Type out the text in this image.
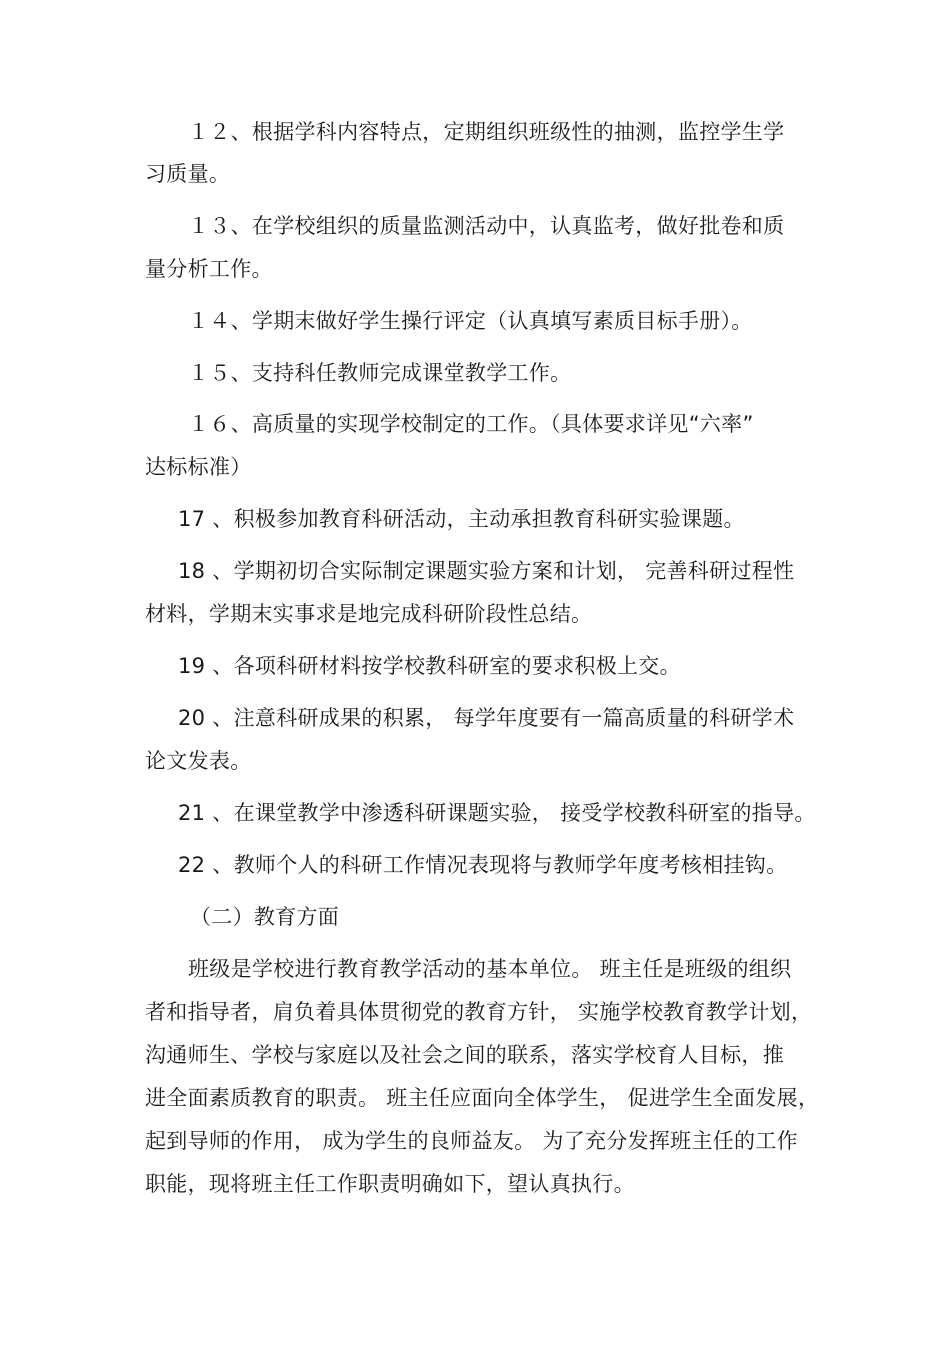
１２、根据学科内容特点，定期组织班级性的抽测，监控学生学
习质量。
１３、在学校组织的质量监测活动中，认真监考，做好批卷和质
量分析工作。
１４、学期末做好学生操行评定（认真填写素质目标手册）。
１５、支持科任教师完成课堂教学工作。
１６、高质量的实现学校制定的工作。（具体要求详见“六率”
达标标准）
17 、积极参加教育科研活动，主动承担教育科研实验课题。
18 、学期初切合实际制定课题实验方案和计划， 完善科研过程性
材料，学期末实事求是地完成科研阶段性总结。
19 、各项科研材料按学校教科研室的要求积极上交。
20 、注意科研成果的积累， 每学年度要有一篇高质量的科研学术
论文发表。
21 、在课堂教学中渗透科研课题实验， 接受学校教科研室的指导。
22 、教师个人的科研工作情况表现将与教师学年度考核相挂钩。
（二）教育方面
班级是学校进行教育教学活动的基本单位。 班主任是班级的组织
者和指导者，肩负着具体贯彻党的教育方针， 实施学校教育教学计划，
沟通师生、学校与家庭以及社会之间的联系，落实学校育人目标，推
进全面素质教育的职责。 班主任应面向全体学生， 促进学生全面发展，
起到导师的作用， 成为学生的良师益友。 为了充分发挥班主任的工作
职能，现将班主任工作职责明确如下，望认真执行。
